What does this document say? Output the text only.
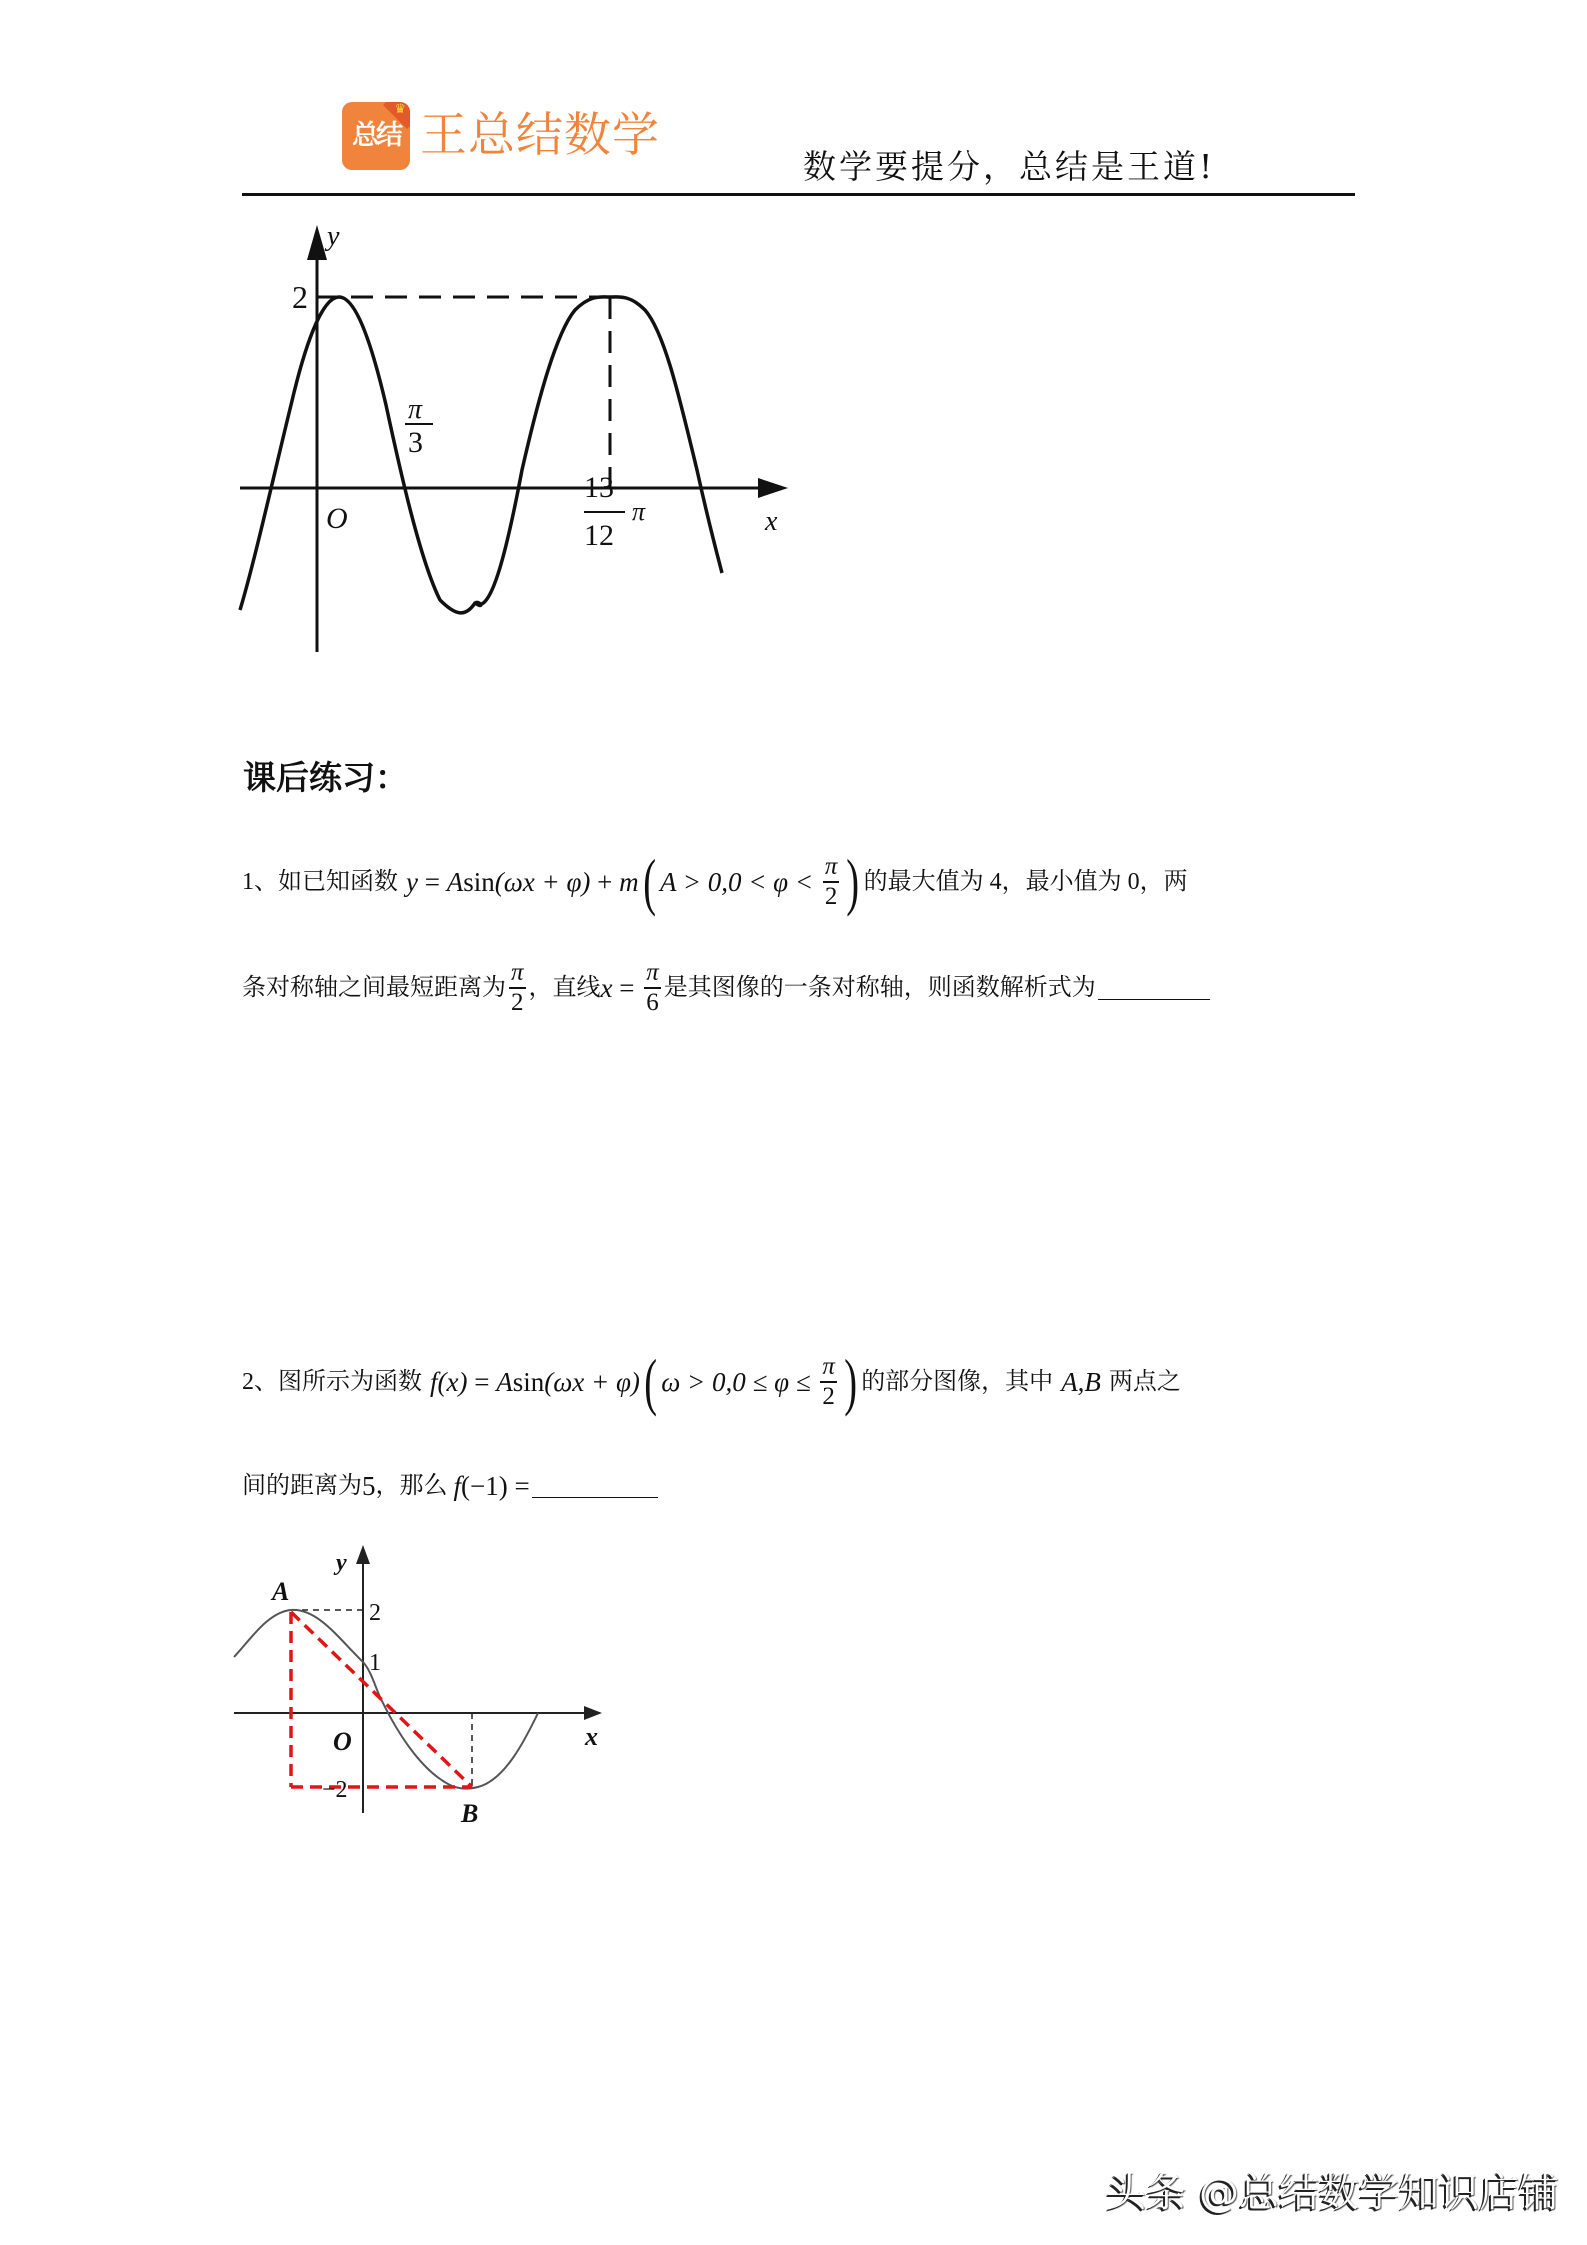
♛
总结 王总结数学
数学要提分，总结是王道!
y
x
O
2
π
3
13
12
π
课后练习：
1、 如已知函数 y = A sin (ωx + φ) + m ( $A > 0,0 < \varphi < \frac{\pi}{2}$ ) 的最大值为 4，最小值为 0，两
条对称轴之间最短距离为 $\frac{\pi}{2}$ ，直线 $x = \frac{\pi}{6}$ 是其图像的一条对称轴，则函数解析式为
2、 图所示为函数 f (x) = A sin (ωx + φ) ( $\omega > 0,0 \le \varphi \le \frac{\pi}{2}$ ) 的部分图像，其中 A,B 两点之
间的距离为 5 ，那么 f (−1) =
y
x
O
2
1
−2
A
B
头条 @总结数学知识店铺
